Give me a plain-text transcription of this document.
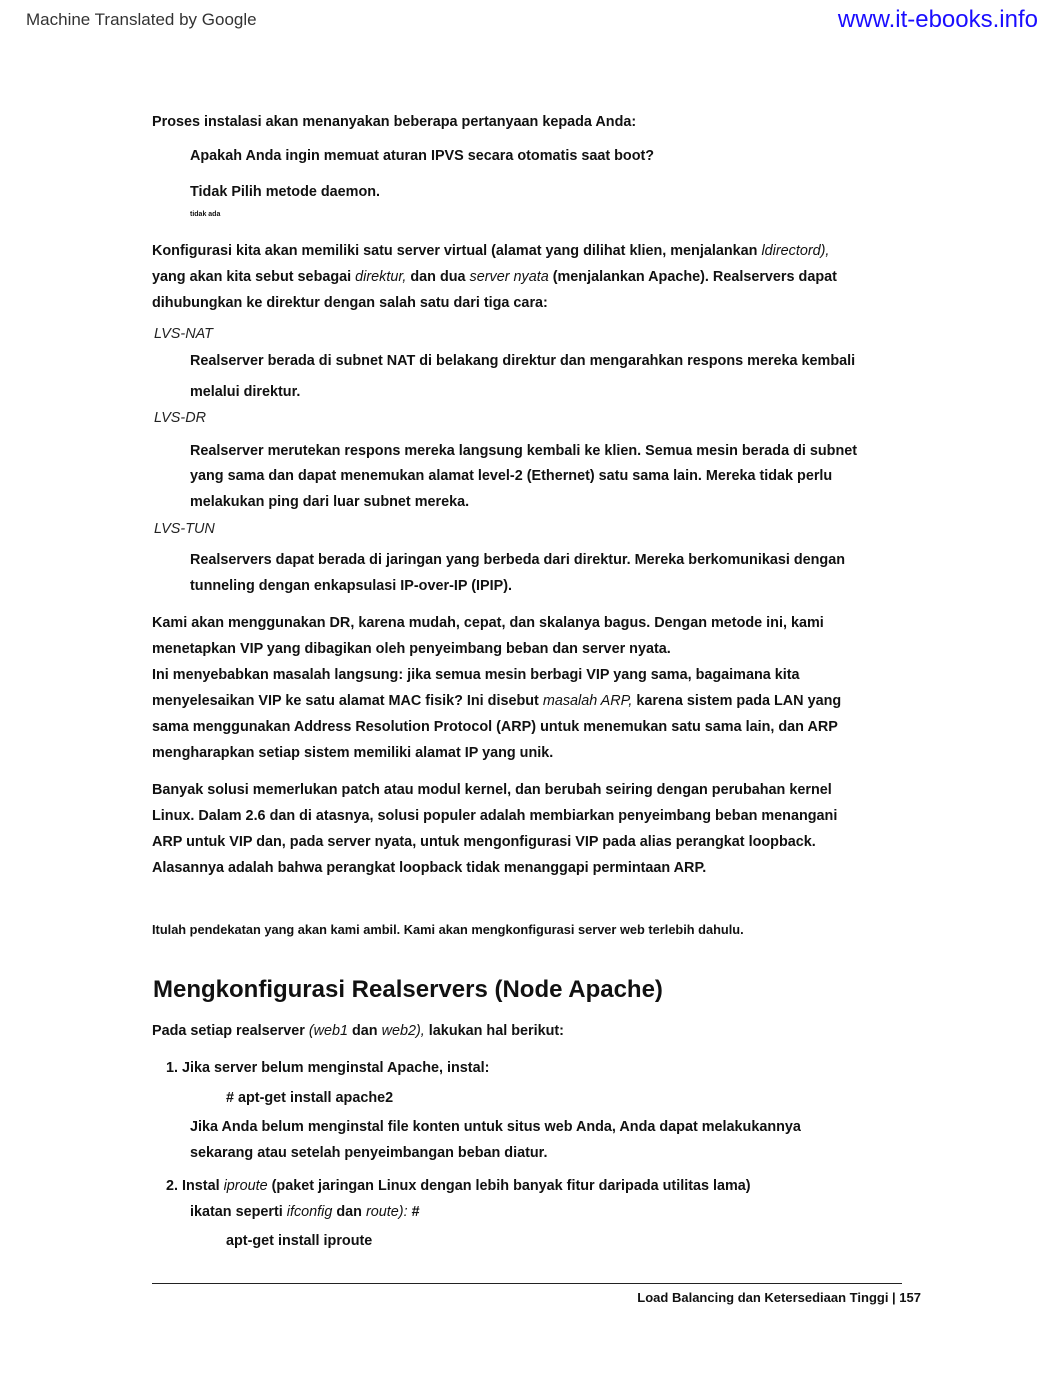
Machine Translated by Google	www.it-ebooks.info

Proses instalasi akan menanyakan beberapa pertanyaan kepada Anda:

Apakah Anda ingin memuat aturan IPVS secara otomatis saat boot?

Tidak Pilih metode daemon.

tidak ada

Konfigurasi kita akan memiliki satu server virtual (alamat yang dilihat klien, menjalankan ldirectord),

yang akan kita sebut sebagai direktur, dan dua server nyata (menjalankan Apache). Realservers dapat

dihubungkan ke direktur dengan salah satu dari tiga cara:

LVS-NAT

Realserver berada di subnet NAT di belakang direktur dan mengarahkan respons mereka kembali

melalui direktur.

LVS-DR

Realserver merutekan respons mereka langsung kembali ke klien. Semua mesin berada di subnet

yang sama dan dapat menemukan alamat level-2 (Ethernet) satu sama lain. Mereka tidak perlu

melakukan ping dari luar subnet mereka.

LVS-TUN

Realservers dapat berada di jaringan yang berbeda dari direktur. Mereka berkomunikasi dengan

tunneling dengan enkapsulasi IP-over-IP (IPIP).

Kami akan menggunakan DR, karena mudah, cepat, dan skalanya bagus. Dengan metode ini, kami

menetapkan VIP yang dibagikan oleh penyeimbang beban dan server nyata.

Ini menyebabkan masalah langsung: jika semua mesin berbagi VIP yang sama, bagaimana kita

menyelesaikan VIP ke satu alamat MAC fisik? Ini disebut masalah ARP, karena sistem pada LAN yang

sama menggunakan Address Resolution Protocol (ARP) untuk menemukan satu sama lain, dan ARP

mengharapkan setiap sistem memiliki alamat IP yang unik.

Banyak solusi memerlukan patch atau modul kernel, dan berubah seiring dengan perubahan kernel

Linux. Dalam 2.6 dan di atasnya, solusi populer adalah membiarkan penyeimbang beban menangani

ARP untuk VIP dan, pada server nyata, untuk mengonfigurasi VIP pada alias perangkat loopback.

Alasannya adalah bahwa perangkat loopback tidak menanggapi permintaan ARP.

Itulah pendekatan yang akan kami ambil. Kami akan mengkonfigurasi server web terlebih dahulu.

Mengkonfigurasi Realservers (Node Apache)

Pada setiap realserver (web1 dan web2), lakukan hal berikut:

1. Jika server belum menginstal Apache, instal:

# apt-get install apache2

Jika Anda belum menginstal file konten untuk situs web Anda, Anda dapat melakukannya

sekarang atau setelah penyeimbangan beban diatur.

2. Instal iproute (paket jaringan Linux dengan lebih banyak fitur daripada utilitas lama)

ikatan seperti ifconfig dan route): #

apt-get install iproute

Load Balancing dan Ketersediaan Tinggi | 157
